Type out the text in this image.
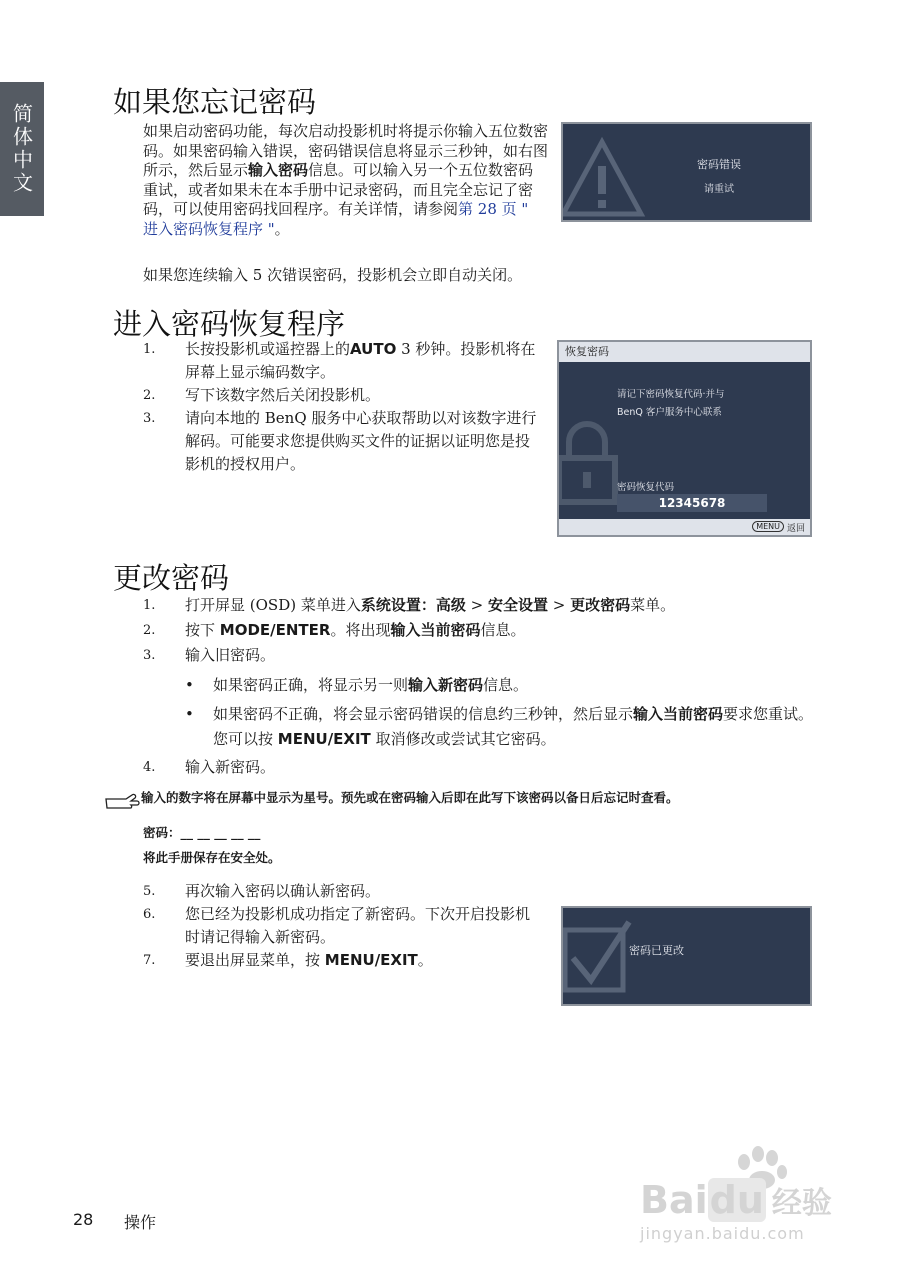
简体中文
如果您忘记密码

如果启动密码功能，每次启动投影机时将提示你输入五位数密码。如果密码输入错误，密码错误信息将显示三秒钟，如右图所示，然后显示输入密码信息。可以输入另一个五位数密码重试，或者如果未在本手册中记录密码，而且完全忘记了密码，可以使用密码找回程序。有关详情，请参阅第 28 页 " 进入密码恢复程序 "。

如果您连续输入 5 次错误密码，投影机会立即自动关闭。

密码错误
请重试
进入密码恢复程序
1. 长按投影机或遥控器上的AUTO 3 秒钟。投影机将在屏幕上显示编码数字。
2. 写下该数字然后关闭投影机。
3. 请向本地的 BenQ 服务中心获取帮助以对该数字进行解码。可能要求您提供购买文件的证据以证明您是投影机的授权用户。
恢复密码
请记下密码恢复代码·并与
BenQ 客户服务中心联系
密码恢复代码
12345678
MENU 返回
更改密码
1. 打开屏显 (OSD) 菜单进入系统设置：高级 > 安全设置 > 更改密码菜单。
2. 按下 MODE/ENTER。将出现输入当前密码信息。
3. 输入旧密码。
• 如果密码正确，将显示另一则输入新密码信息。
• 如果密码不正确，将会显示密码错误的信息约三秒钟，然后显示输入当前密码要求您重试。您可以按 MENU/EXIT 取消修改或尝试其它密码。
4. 输入新密码。
输入的数字将在屏幕中显示为星号。预先或在密码输入后即在此写下该密码以备日后忘记时查看。
密码：__ __ __ __ __
将此手册保存在安全处。
5. 再次输入密码以确认新密码。
6. 您已经为投影机成功指定了新密码。下次开启投影机时请记得输入新密码。
7. 要退出屏显菜单，按 MENU/EXIT。
密码已更改
28 操作
Baidu 经验
jingyan.baidu.com
